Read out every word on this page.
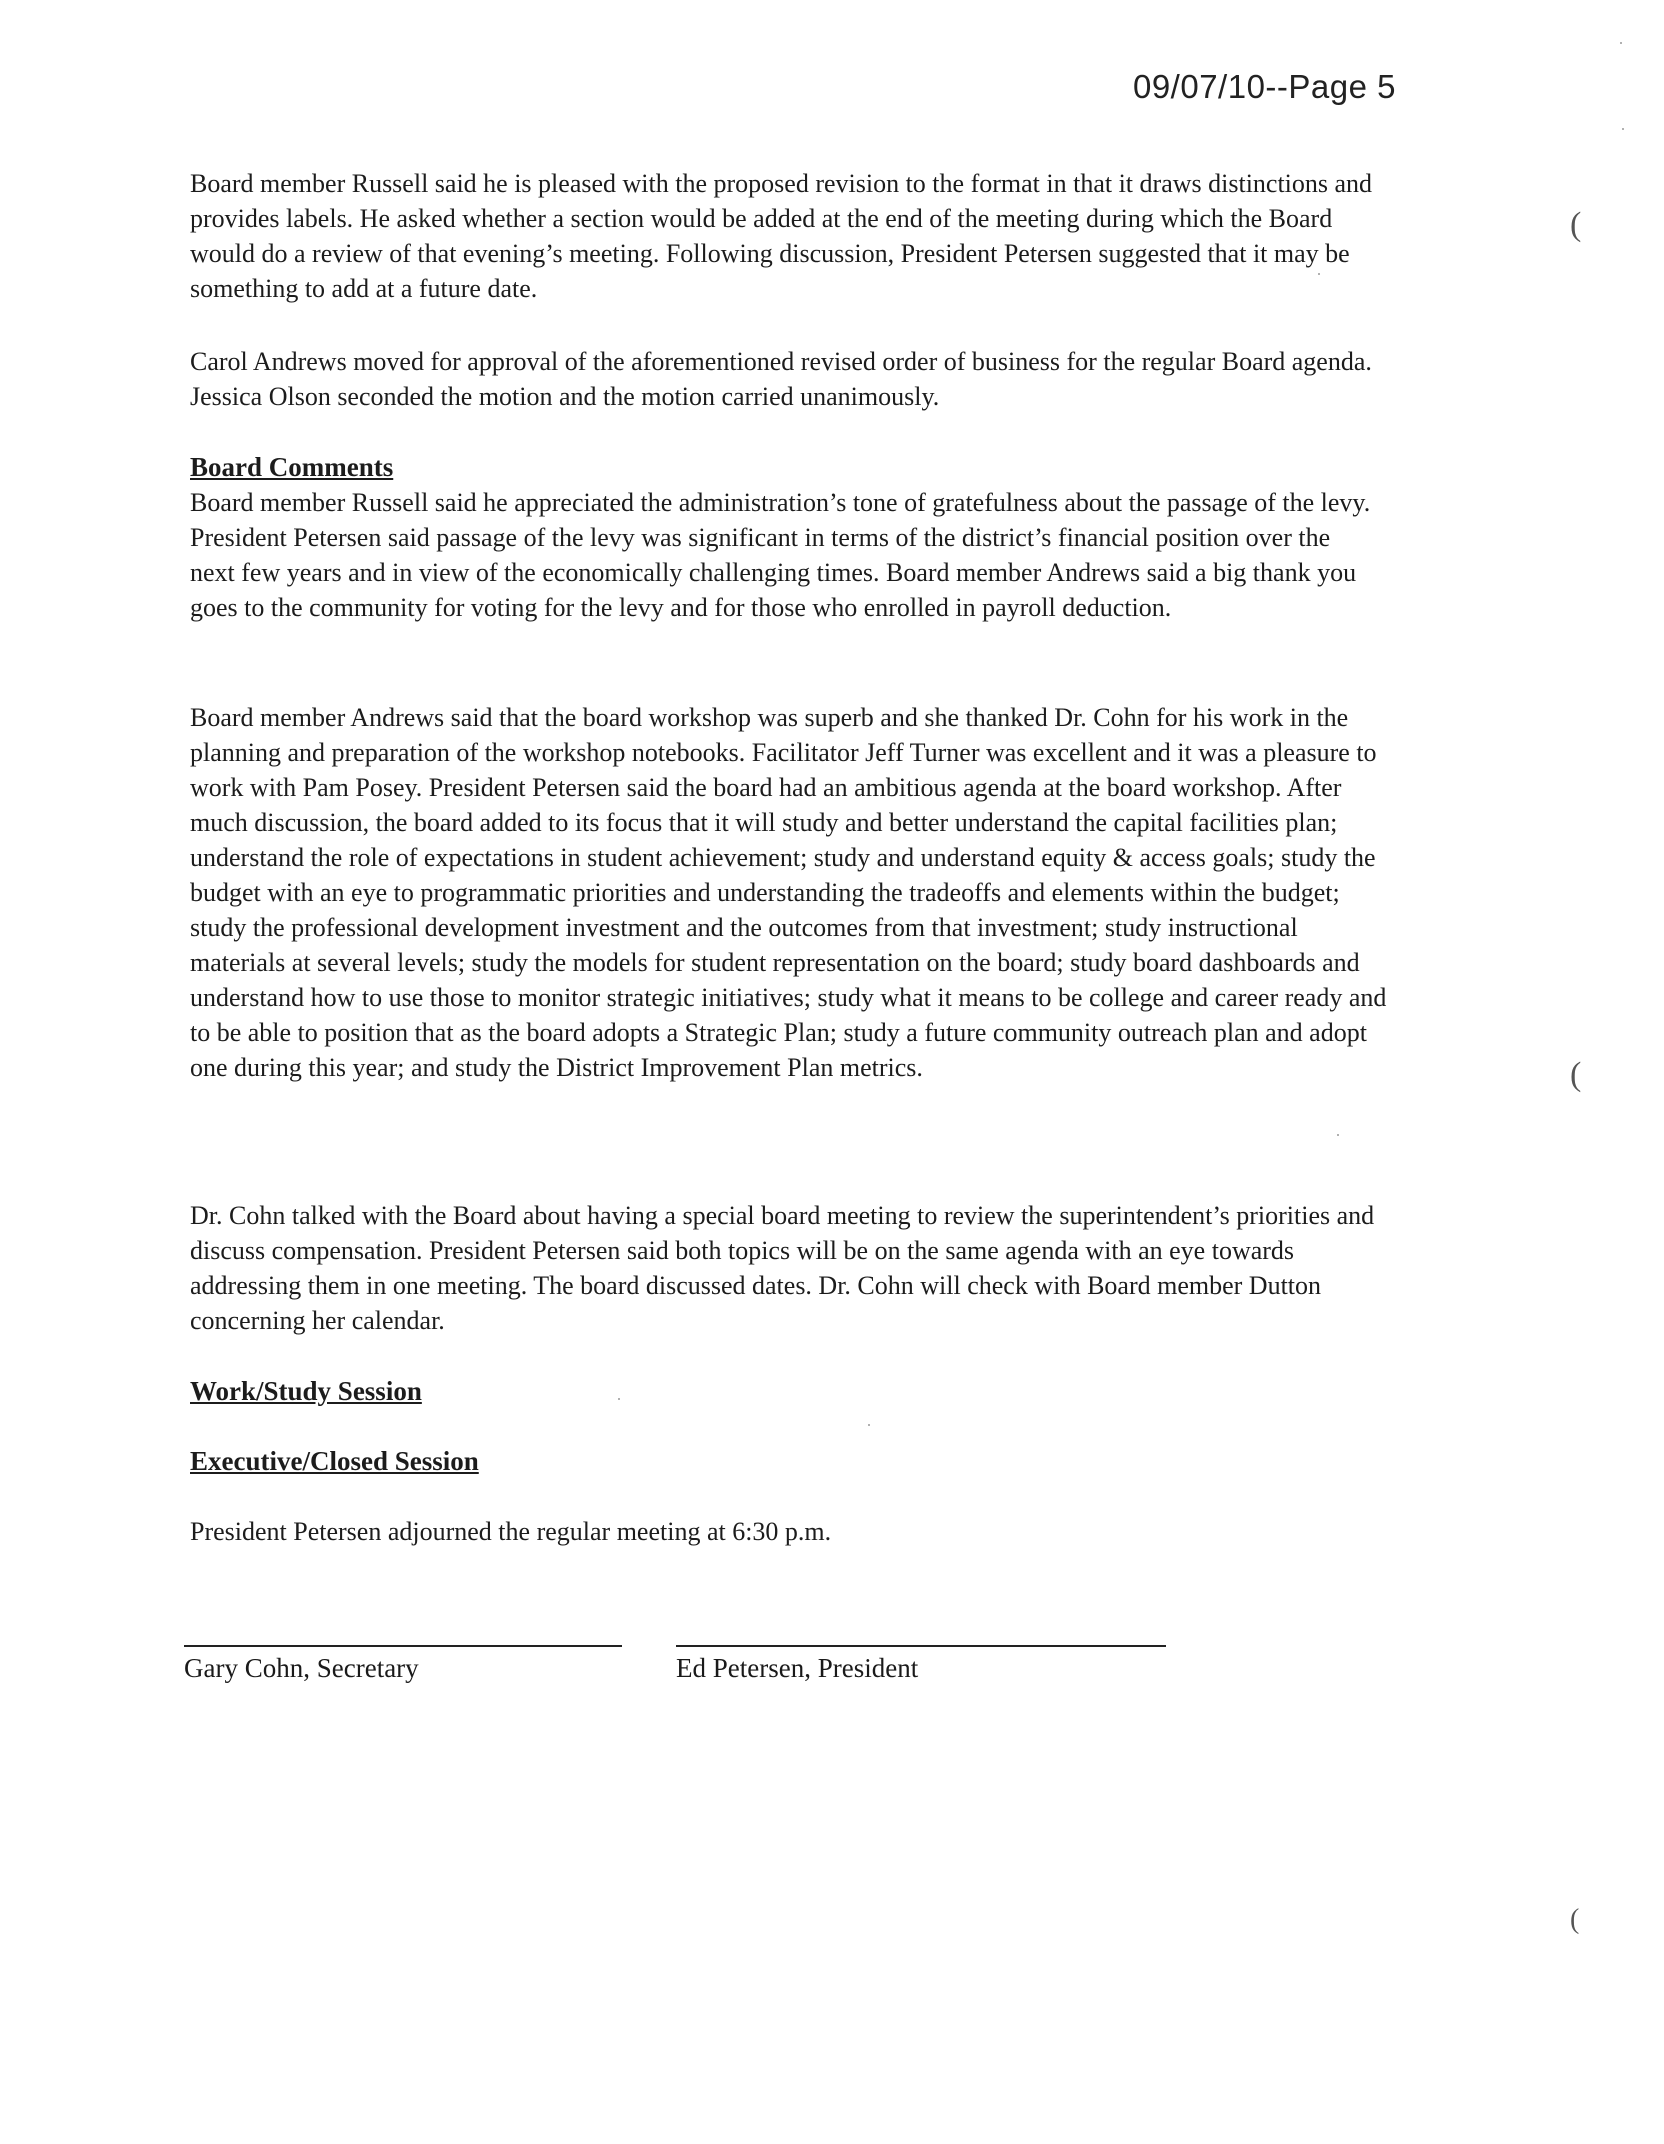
09/07/10--Page 5

Board member Russell said he is pleased with the proposed revision to the format in that it draws distinctions and provides labels. He asked whether a section would be added at the end of the meeting during which the Board would do a review of that evening’s meeting. Following discussion, President Petersen suggested that it may be something to add at a future date.

Carol Andrews moved for approval of the aforementioned revised order of business for the regular Board agenda. Jessica Olson seconded the motion and the motion carried unanimously.

Board Comments

Board member Russell said he appreciated the administration’s tone of gratefulness about the passage of the levy. President Petersen said passage of the levy was significant in terms of the district’s financial position over the next few years and in view of the economically challenging times. Board member Andrews said a big thank you goes to the community for voting for the levy and for those who enrolled in payroll deduction.

Board member Andrews said that the board workshop was superb and she thanked Dr. Cohn for his work in the planning and preparation of the workshop notebooks. Facilitator Jeff Turner was excellent and it was a pleasure to work with Pam Posey. President Petersen said the board had an ambitious agenda at the board workshop. After much discussion, the board added to its focus that it will study and better understand the capital facilities plan; understand the role of expectations in student achievement; study and understand equity & access goals; study the budget with an eye to programmatic priorities and understanding the tradeoffs and elements within the budget; study the professional development investment and the outcomes from that investment; study instructional materials at several levels; study the models for student representation on the board; study board dashboards and understand how to use those to monitor strategic initiatives; study what it means to be college and career ready and to be able to position that as the board adopts a Strategic Plan; study a future community outreach plan and adopt one during this year; and study the District Improvement Plan metrics.

Dr. Cohn talked with the Board about having a special board meeting to review the superintendent’s priorities and discuss compensation. President Petersen said both topics will be on the same agenda with an eye towards addressing them in one meeting. The board discussed dates. Dr. Cohn will check with Board member Dutton concerning her calendar.

Work/Study Session

Executive/Closed Session

President Petersen adjourned the regular meeting at 6:30 p.m.

Gary Cohn, Secretary	Ed Petersen, President
(
(
(
